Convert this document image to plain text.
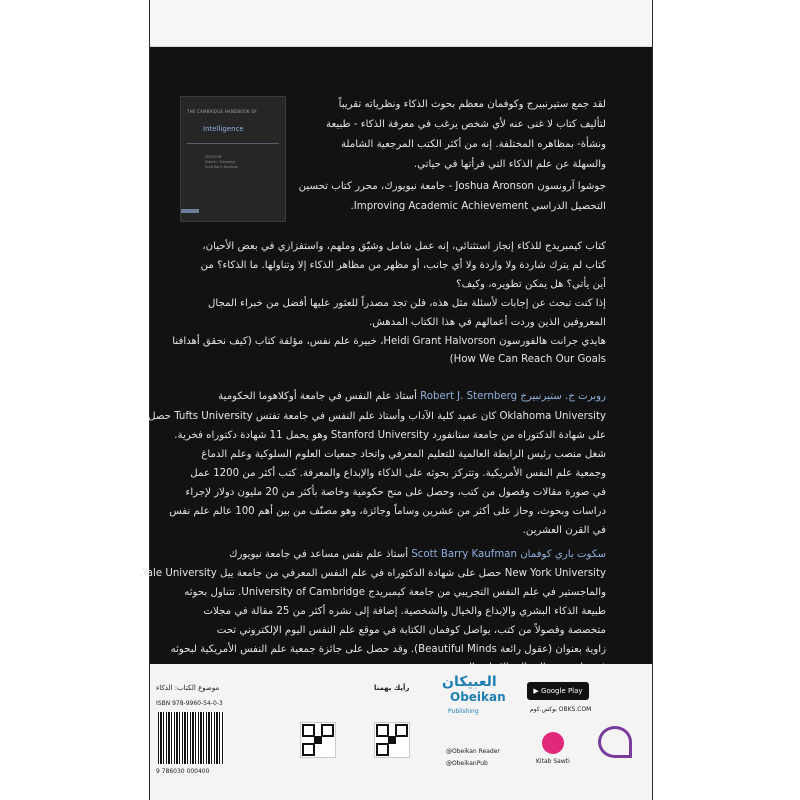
THE CAMBRIDGE HANDBOOK OF
Intelligence
EDITED BY
Robert J. Sternberg
Scott Barry Kaufman
لقد جمع ستيرنبيرج وكوفمان معظم بحوث الذكاء ونظرياته تقريباً
لتأليف كتاب لا غنى عنه لأي شخص يرغب في معرفة الذكاء - طبيعة
ونشأة- بمظاهره المختلفة. إنه من أكثر الكتب المرجعية الشاملة
والسهلة عن علم الذكاء التي قرأتها في حياتي.
جوشوا آرونسون Joshua Aronson - جامعة نيويورك، محرر كتاب تحسين
التحصيل الدراسي Improving Academic Achievement.
كتاب كيمبريدج للذكاء إنجاز استثنائي، إنه عمل شامل وشيّق وملهم، واستفزازي في بعض الأحيان،
كتاب لم يترك شاردة ولا واردة ولا أي جانب، أو مظهر من مظاهر الذكاء إلا وتناولها. ما الذكاء؟ من
أين يأتي؟ هل يمكن تطويره، وكيف؟
إذا كنت تبحث عن إجابات لأسئلة مثل هذه، فلن تجد مصدراً للعثور عليها أفضل من خبراء المجال
المعروفين الذين وردت أعمالهم في هذا الكتاب المدهش.
هايدي جرانت هالفورسون Heidi Grant Halvorson، خبيرة علم نفس، مؤلفة كتاب (كيف نحقق أهدافنا
How We Can Reach Our Goals)
روبرت ج. ستيرنبيرج Robert J. Sternberg أستاذ علم النفس في جامعة أوكلاهوما الحكومية
Oklahoma University كان عميد كلية الآداب وأستاذ علم النفس في جامعة تفتس Tufts University حصل
على شهادة الدكتوراه من جامعة ستانفورد Stanford University وهو يحمل 11 شهادة دكتوراه فخرية.
شغل منصب رئيس الرابطة العالمية للتعليم المعرفي واتحاد جمعيات العلوم السلوكية وعلم الدماغ
وجمعية علم النفس الأمريكية. وتتركز بحوثه على الذكاء والإبداع والمعرفة. كتب أكثر من 1200 عمل
في صورة مقالات وفصول من كتب، وحصل على منح حكومية وخاصة بأكثر من 20 مليون دولار لإجراء
دراسات وبحوث، وحاز على أكثر من عشرين وساماً وجائزة، وهو مصنّف من بين أهم 100 عالم علم نفس
في القرن العشرين.
سكوت باري كوفمان Scott Barry Kaufman أستاذ علم نفس مساعد في جامعة نيويورك
New York University حصل على شهادة الدكتوراه في علم النفس المعرفي من جامعة ييل Yale University،
والماجستير في علم النفس التجريبي من جامعة كيمبريدج University of Cambridge. تتناول بحوثه
طبيعة الذكاء البشري والإبداع والخيال والشخصية. إضافة إلى نشره أكثر من 25 مقالة في مجلات
متخصصة وفصولاً من كتب، يواصل كوفمان الكتابة في موقع علم النفس اليوم الإلكتروني تحت
زاوية بعنوان (عقول رائعة Beautiful Minds). وقد حصل على جائزة جمعية علم النفس الأمريكية لبحوثه
موضوع الكتاب: الذكاء
ISBN 978-9960-54-0-3
9 786030 000400
رأيك يهمنا العبيكان
Obeikan
Publishing
@Obeikan Reader
@ObeikanPub
▶ Google Play
بوكس.كوم OBKS.COM
Kitab Sawti
